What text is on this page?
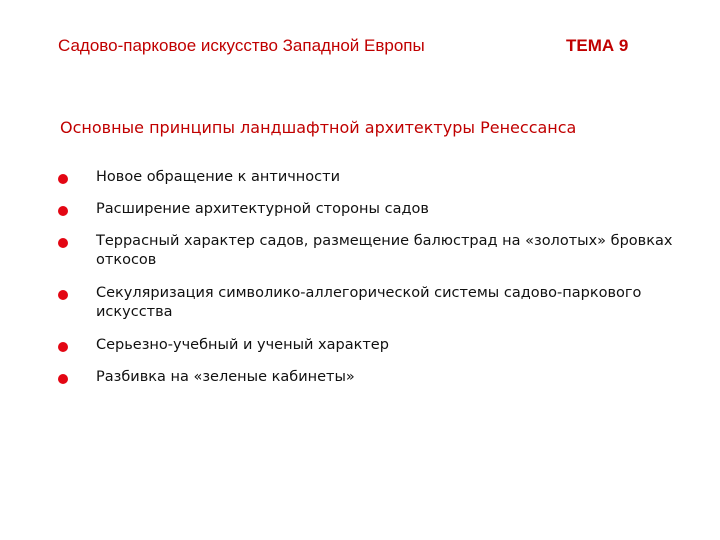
Садово-парковое искусство Западной Европы	ТЕМА 9
Основные принципы ландшафтной архитектуры Ренессанса
Новое обращение к античности
Расширение архитектурной стороны садов
Террасный характер садов, размещение балюстрад на «золотых» бровках откосов
Секуляризация символико-аллегорической системы садово-паркового искусства
Серьезно-учебный и ученый характер
Разбивка на «зеленые кабинеты»
